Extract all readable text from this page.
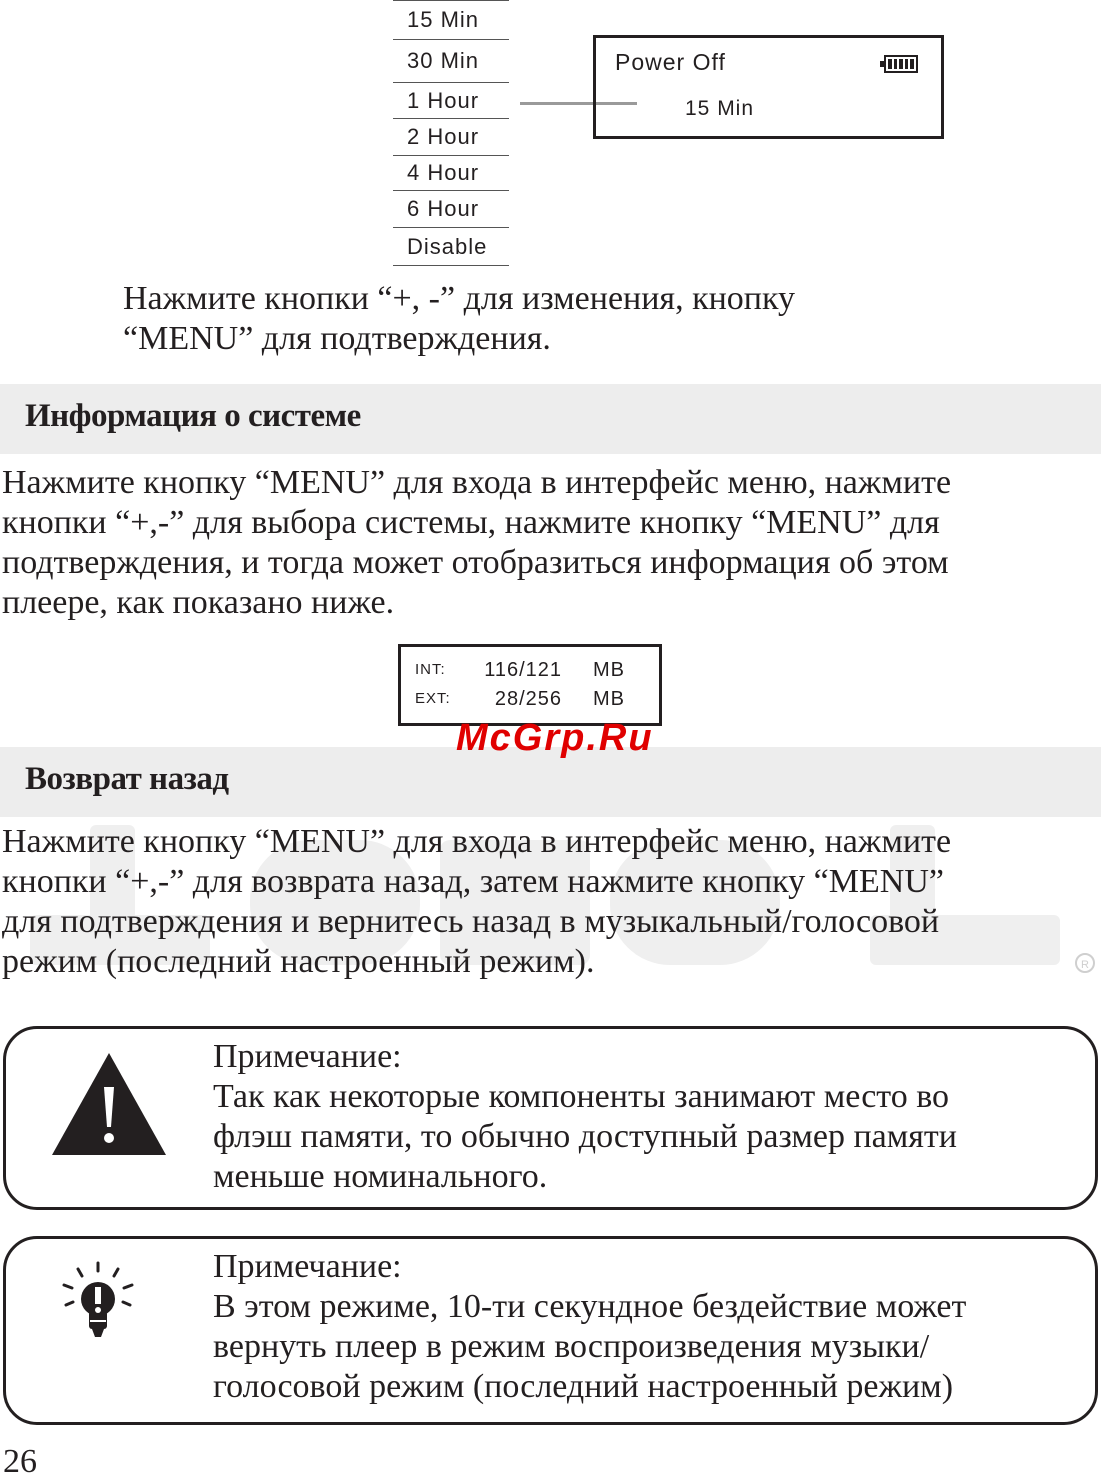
15 Min
30 Min
1 Hour
2 Hour
4 Hour
6 Hour
Disable
Power Off
15 Min

Нажмите кнопки “+, -” для изменения, кнопку

“MENU” для подтверждения.

Информация о системе

Нажмите кнопку “MENU” для входа в интерфейс меню, нажмите

кнопки “+,-” для выбора системы, нажмите кнопку “MENU” для

подтверждения, и тогда может отобразиться информация об этом

плеере, как показано ниже.

INT: 116/121 MB
EXT: 28/256 MB
Возврат назад
McGrp.Ru
R

Нажмите кнопку “MENU” для входа в интерфейс меню, нажмите

кнопки “+,-” для возврата назад, затем нажмите кнопку “MENU”

для подтверждения и вернитесь назад в музыкальный/голосовой

режим (последний настроенный режим).

Примечание:
Так как некоторые компоненты занимают место во
флэш памяти, то обычно доступный размер памяти
меньше номинального.
Примечание:
В этом режиме, 10-ти секундное бездействие может
вернуть плеер в режим воспроизведения музыки/
голосовой режим (последний настроенный режим)
26
